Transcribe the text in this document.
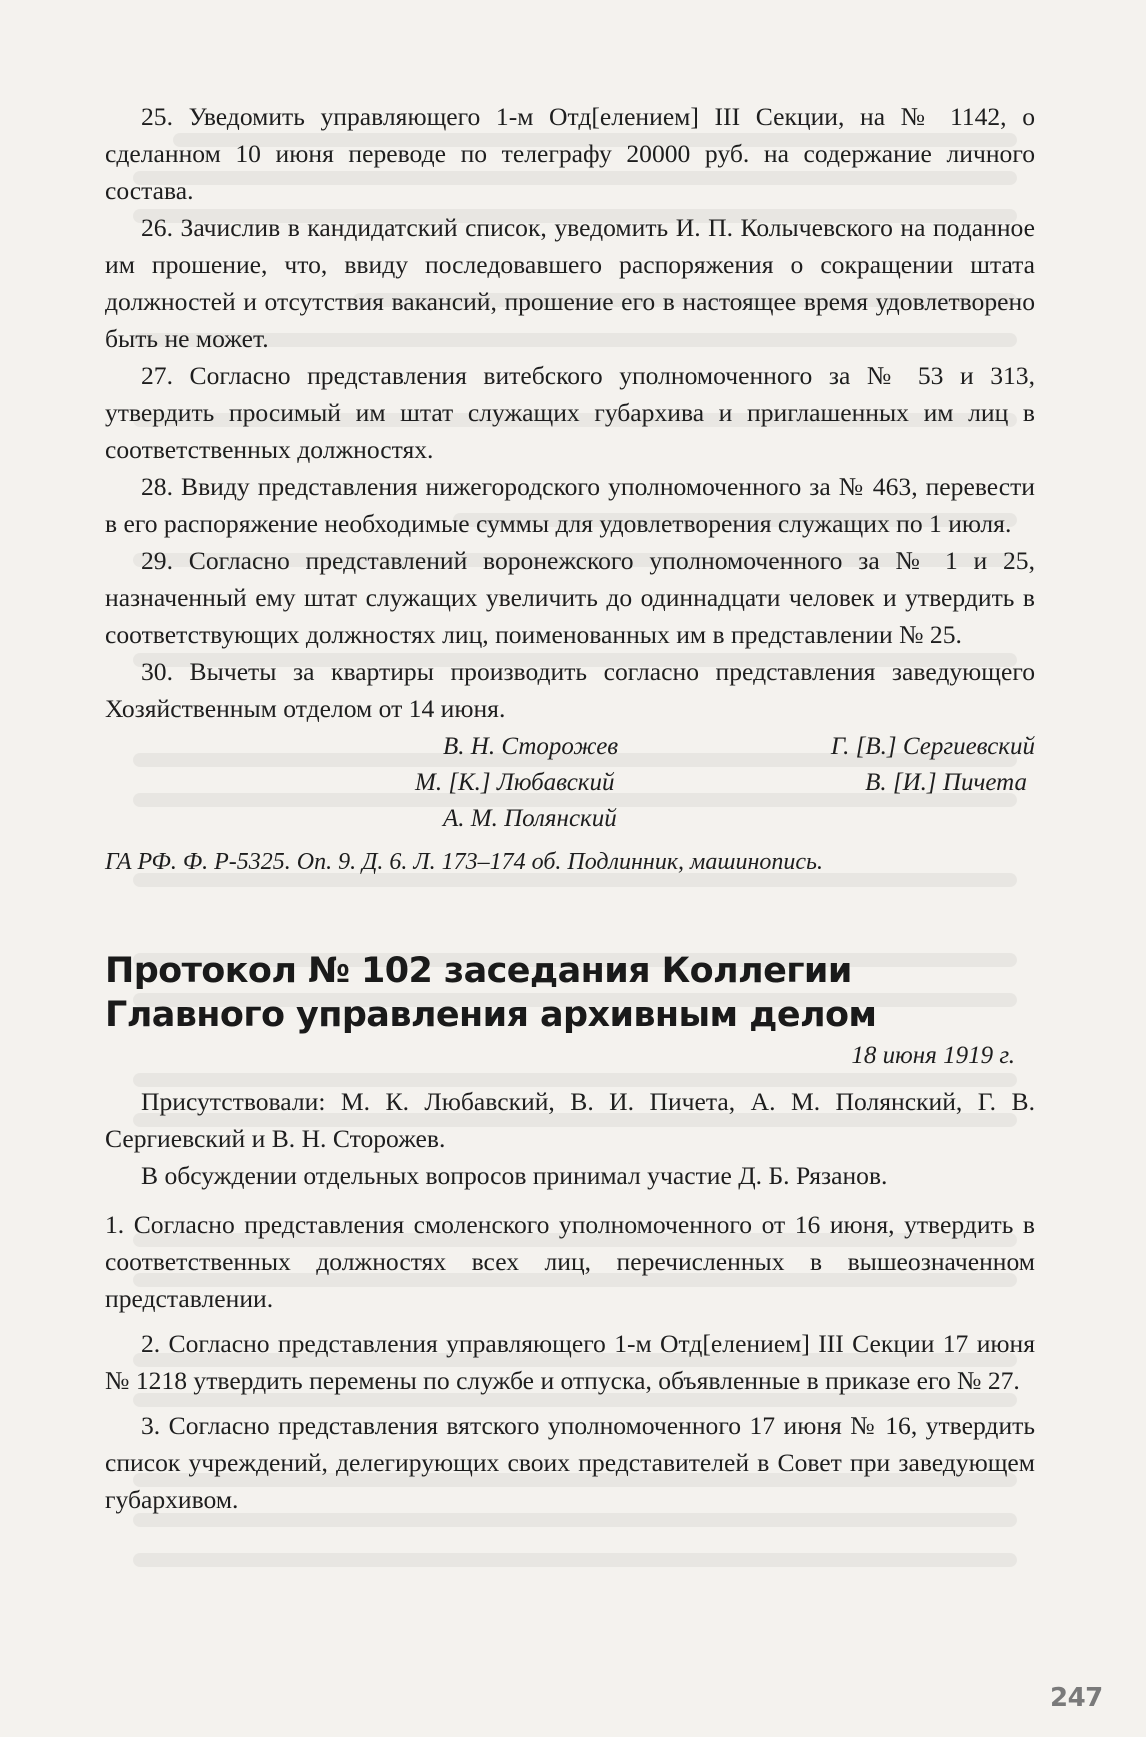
25. Уведомить управляющего 1-м Отд[елением] III Секции, на № 1142, о сделанном 10 июня переводе по телеграфу 20000 руб. на содержание личного состава.

26. Зачислив в кандидатский список, уведомить И. П. Колычевского на поданное им прошение, что, ввиду последовавшего распоряжения о сокращении штата должностей и отсутствия вакансий, прошение его в настоящее время удовлетворено быть не может.

27. Согласно представления витебского уполномоченного за № 53 и 313, утвердить просимый им штат служащих губархива и приглашенных им лиц в соответственных должностях.

28. Ввиду представления нижегородского уполномоченного за № 463, перевести в его распоряжение необходимые суммы для удовлетворения служащих по 1 июля.

29. Согласно представлений воронежского уполномоченного за № 1 и 25, назначенный ему штат служащих увеличить до одиннадцати человек и утвердить в соответствующих должностях лиц, поименованных им в представлении № 25.

30. Вычеты за квартиры производить согласно представления заведующего Хозяйственным отделом от 14 июня.

В. Н. Сторожев
М. [К.] Любавский
А. М. Полянский
Г. [В.] Сергиевский
В. [И.] Пичета
ГА РФ. Ф. Р-5325. Оп. 9. Д. 6. Л. 173–174 об. Подлинник, машинопись.
Протокол № 102 заседания Коллегии
Главного управления архивным делом
18 июня 1919 г.

Присутствовали: М. К. Любавский, В. И. Пичета, А. М. Полянский, Г. В. Сергиевский и В. Н. Сторожев.

В обсуждении отдельных вопросов принимал участие Д. Б. Рязанов.

1. Согласно представления смоленского уполномоченного от 16 июня, утвердить в соответственных должностях всех лиц, перечисленных в вышеозначенном представлении.

2. Согласно представления управляющего 1-м Отд[елением] III Секции 17 июня № 1218 утвердить перемены по службе и отпуска, объявленные в приказе его № 27.

3. Согласно представления вятского уполномоченного 17 июня № 16, утвердить список учреждений, делегирующих своих представителей в Совет при заведующем губархивом.

247
